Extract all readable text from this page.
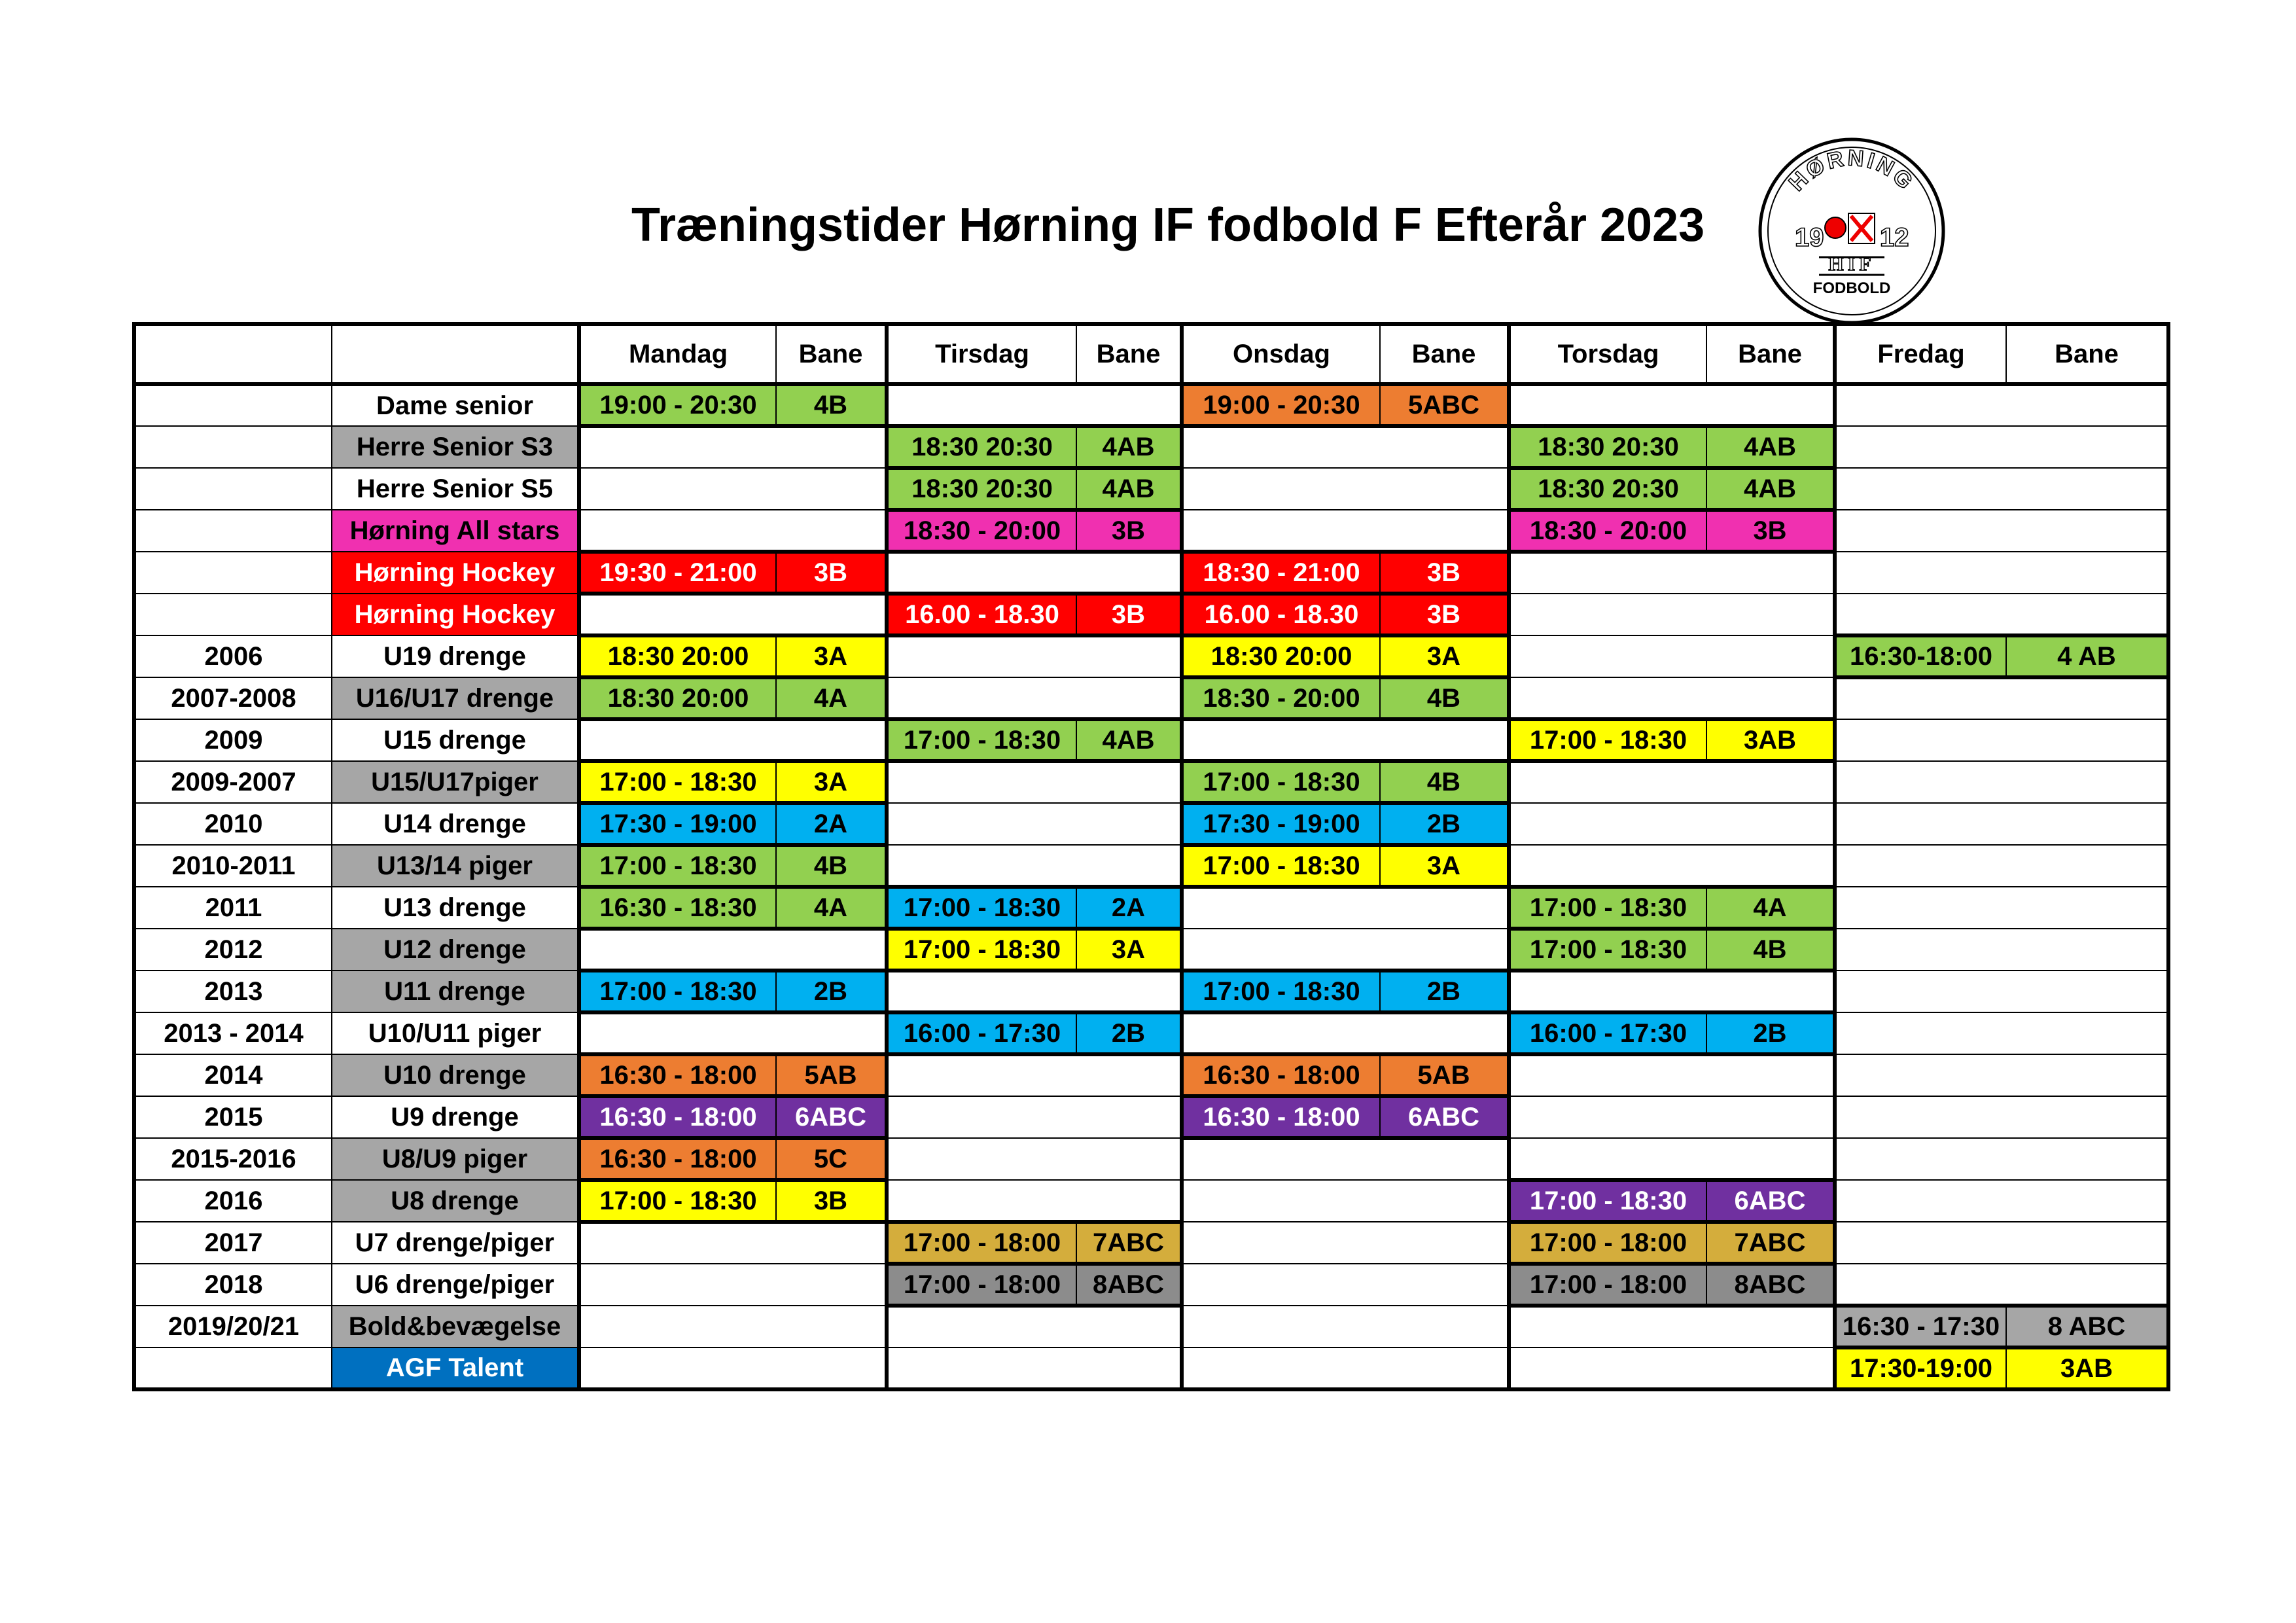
Træningstider Hørning IF fodbold F Efterår 2023
HØRNING
19 12
HIF
FODBOLD
		Mandag	Bane	Tirsdag	Bane	Onsdag	Bane	Torsdag	Bane	Fredag	Bane
	Dame senior	19:00 - 20:30	4B			19:00 - 20:30	5ABC				
	Herre Senior S3			18:30 20:30	4AB			18:30 20:30	4AB		
	Herre Senior S5			18:30 20:30	4AB			18:30 20:30	4AB		
	Hørning All stars			18:30 - 20:00	3B			18:30 - 20:00	3B		
	Hørning Hockey	19:30 - 21:00	3B			18:30 - 21:00	3B				
	Hørning Hockey			16.00 - 18.30	3B	16.00 - 18.30	3B				
2006	U19 drenge	18:30 20:00	3A			18:30 20:00	3A			16:30-18:00	4 AB
2007-2008	U16/U17 drenge	18:30 20:00	4A			18:30 - 20:00	4B				
2009	U15 drenge			17:00 - 18:30	4AB			17:00 - 18:30	3AB		
2009-2007	U15/U17piger	17:00 - 18:30	3A			17:00 - 18:30	4B				
2010	U14 drenge	17:30 - 19:00	2A			17:30 - 19:00	2B				
2010-2011	U13/14 piger	17:00 - 18:30	4B			17:00 - 18:30	3A				
2011	U13 drenge	16:30 - 18:30	4A	17:00 - 18:30	2A			17:00 - 18:30	4A		
2012	U12 drenge			17:00 - 18:30	3A			17:00 - 18:30	4B		
2013	U11 drenge	17:00 - 18:30	2B			17:00 - 18:30	2B				
2013 - 2014	U10/U11 piger			16:00 - 17:30	2B			16:00 - 17:30	2B		
2014	U10 drenge	16:30 - 18:00	5AB			16:30 - 18:00	5AB				
2015	U9 drenge	16:30 - 18:00	6ABC			16:30 - 18:00	6ABC				
2015-2016	U8/U9 piger	16:30 - 18:00	5C								
2016	U8 drenge	17:00 - 18:30	3B					17:00 - 18:30	6ABC		
2017	U7 drenge/piger			17:00 - 18:00	7ABC			17:00 - 18:00	7ABC		
2018	U6 drenge/piger			17:00 - 18:00	8ABC			17:00 - 18:00	8ABC		
2019/20/21	Bold&bevægelse									16:30 - 17:30	8 ABC
	AGF Talent									17:30-19:00	3AB
